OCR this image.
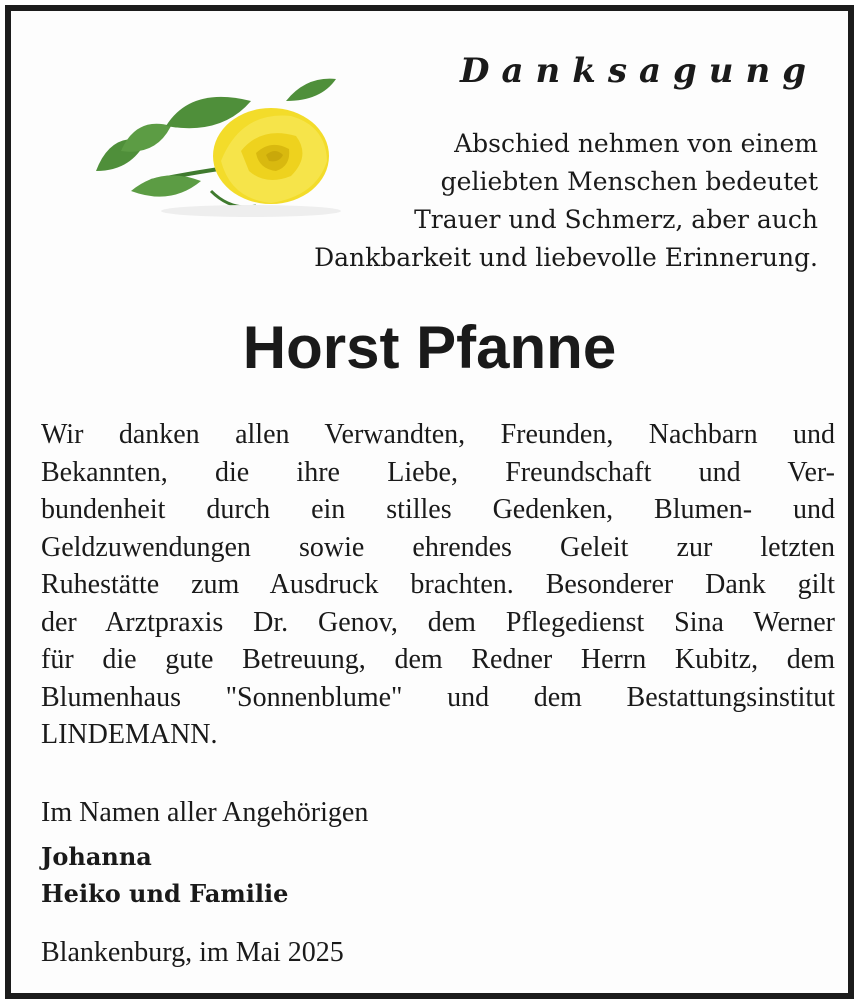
Danksagung
Abschied nehmen von einem
geliebten Menschen bedeutet
Trauer und Schmerz, aber auch
Dankbarkeit und liebevolle Erinnerung.
Horst Pfanne
Wir danken allen Verwandten, Freunden, Nachbarn und
Bekannten, die ihre Liebe, Freundschaft und Ver-
bundenheit durch ein stilles Gedenken, Blumen- und
Geldzuwendungen sowie ehrendes Geleit zur letzten
Ruhestätte zum Ausdruck brachten. Besonderer Dank gilt
der Arztpraxis Dr. Genov, dem Pflegedienst Sina Werner
für die gute Betreuung, dem Redner Herrn Kubitz, dem
Blumenhaus "Sonnenblume" und dem Bestattungsinstitut
LINDEMANN.

Im Namen aller Angehörigen

Johanna

Heiko und Familie

Blankenburg, im Mai 2025
